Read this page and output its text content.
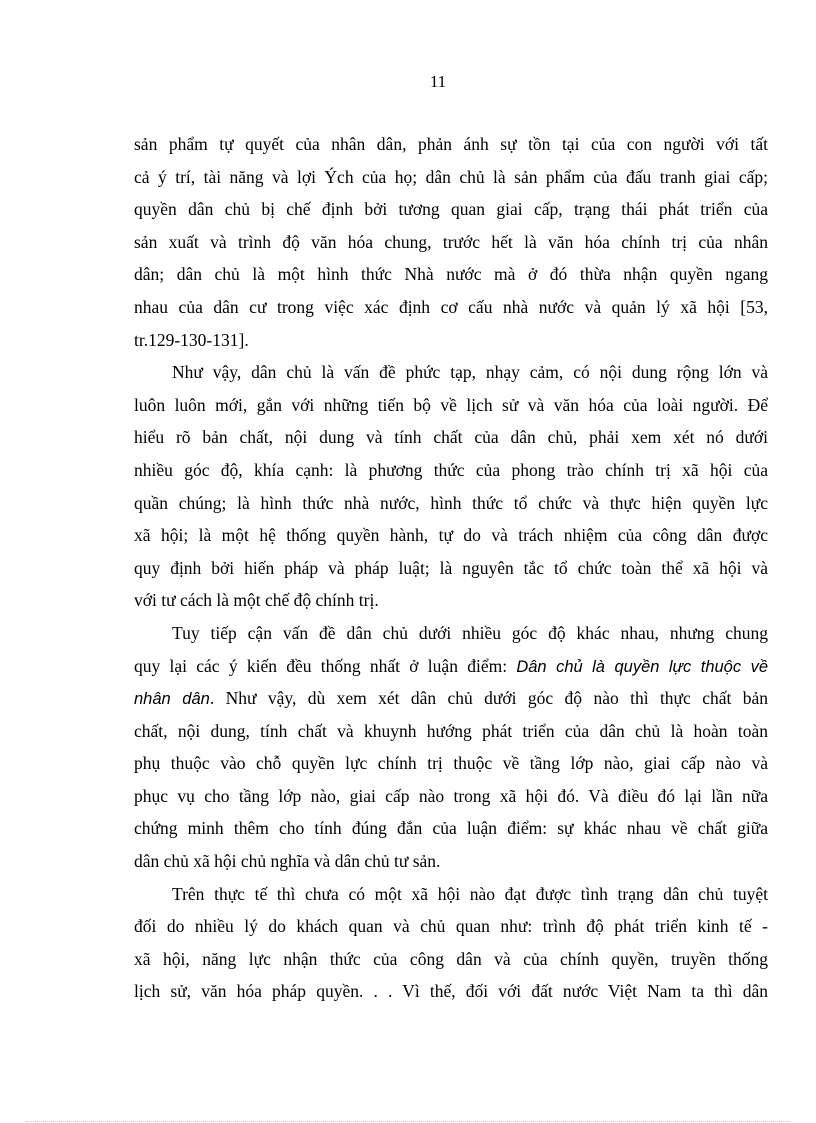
11
sản phẩm tự quyết của nhân dân, phản ánh sự tồn tại của con người với tất
cả ý trí, tài năng và lợi Ých của họ; dân chủ là sản phẩm của đấu tranh giai cấp;
quyền dân chủ bị chế định bởi tương quan giai cấp, trạng thái phát triển của
sản xuất và trình độ văn hóa chung, trước hết là văn hóa chính trị của nhân
dân; dân chủ là một hình thức Nhà nước mà ở đó thừa nhận quyền ngang
nhau của dân cư trong việc xác định cơ cấu nhà nước và quản lý xã hội [53,
tr.129-130-131].
Như vậy, dân chủ là vấn đề phức tạp, nhạy cảm, có nội dung rộng lớn và
luôn luôn mới, gắn với những tiến bộ về lịch sử và văn hóa của loài người. Để
hiểu rõ bản chất, nội dung và tính chất của dân chủ, phải xem xét nó dưới
nhiều góc độ, khía cạnh: là phương thức của phong trào chính trị xã hội của
quần chúng; là hình thức nhà nước, hình thức tổ chức và thực hiện quyền lực
xã hội; là một hệ thống quyền hành, tự do và trách nhiệm của công dân được
quy định bởi hiến pháp và pháp luật; là nguyên tắc tổ chức toàn thể xã hội và
với tư cách là một chế độ chính trị.
Tuy tiếp cận vấn đề dân chủ dưới nhiều góc độ khác nhau, nhưng chung
quy lại các ý kiến đều thống nhất ở luận điểm: Dân chủ là quyền lực thuộc về
nhân dân. Như vậy, dù xem xét dân chủ dưới góc độ nào thì thực chất bản
chất, nội dung, tính chất và khuynh hướng phát triển của dân chủ là hoàn toàn
phụ thuộc vào chỗ quyền lực chính trị thuộc về tầng lớp nào, giai cấp nào và
phục vụ cho tầng lớp nào, giai cấp nào trong xã hội đó. Và điều đó lại lần nữa
chứng minh thêm cho tính đúng đắn của luận điểm: sự khác nhau về chất giữa
dân chủ xã hội chủ nghĩa và dân chủ tư sản.
Trên thực tế thì chưa có một xã hội nào đạt được tình trạng dân chủ tuyệt
đối do nhiều lý do khách quan và chủ quan như: trình độ phát triển kinh tế -
xã hội, năng lực nhận thức của công dân và của chính quyền, truyền thống
lịch sử, văn hóa pháp quyền. . . Vì thế, đối với đất nước Việt Nam ta thì dân
